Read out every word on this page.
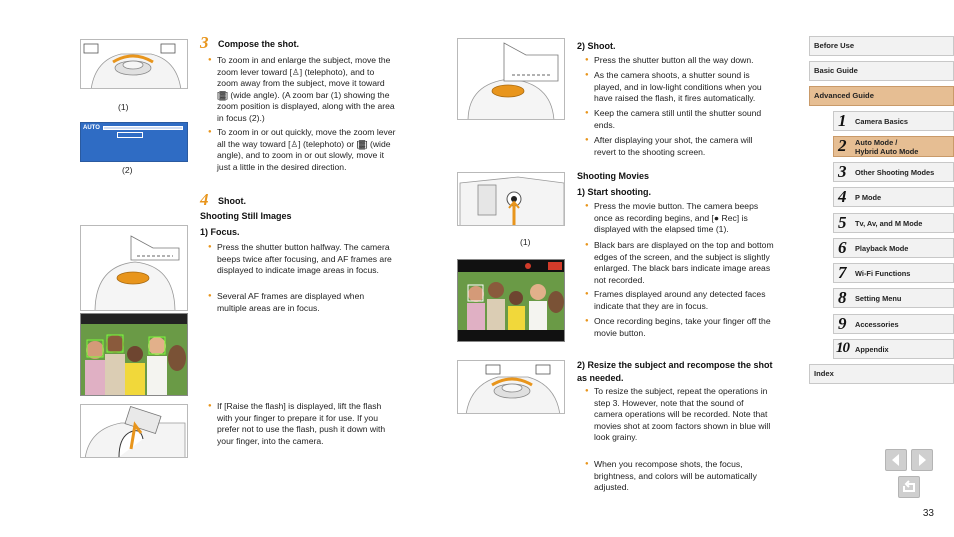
(1)
AUTO
(2)
3 Compose the shot.
● To zoom in and enlarge the subject, move the zoom lever toward [♙] (telephoto), and to zoom away from the subject, move it toward [▓] (wide angle). (A zoom bar (1) showing the zoom position is displayed, along with the area in focus (2).)
● To zoom in or out quickly, move the zoom lever all the way toward [♙] (telephoto) or [▓] (wide angle), and to zoom in or out slowly, move it just a little in the desired direction.
4 Shoot.
Shooting Still Images
1) Focus.
● Press the shutter button halfway. The camera beeps twice after focusing, and AF frames are displayed to indicate image areas in focus.
● Several AF frames are displayed when multiple areas are in focus.
● If [Raise the flash] is displayed, lift the flash with your finger to prepare it for use. If you prefer not to use the flash, push it down with your finger, into the camera.
(1)
2) Shoot.
● Press the shutter button all the way down.
● As the camera shoots, a shutter sound is played, and in low-light conditions when you have raised the flash, it fires automatically.
● Keep the camera still until the shutter sound ends.
● After displaying your shot, the camera will revert to the shooting screen.
Shooting Movies
1) Start shooting.
● Press the movie button. The camera beeps once as recording begins, and [● Rec] is displayed with the elapsed time (1).
● Black bars are displayed on the top and bottom edges of the screen, and the subject is slightly enlarged. The black bars indicate image areas not recorded.
● Frames displayed around any detected faces indicate that they are in focus.
● Once recording begins, take your finger off the movie button.
2) Resize the subject and recompose the shot as needed.
● To resize the subject, repeat the operations in step 3. However, note that the sound of camera operations will be recorded. Note that movies shot at zoom factors shown in blue will look grainy.
● When you recompose shots, the focus, brightness, and colors will be automatically adjusted.
Before Use
Basic Guide
Advanced Guide
1 Camera Basics
2 Auto Mode /
Hybrid Auto Mode
3 Other Shooting Modes
4 P Mode
5 Tv, Av, and M Mode
6 Playback Mode
7 Wi-Fi Functions
8 Setting Menu
9 Accessories
10 Appendix
Index
33
